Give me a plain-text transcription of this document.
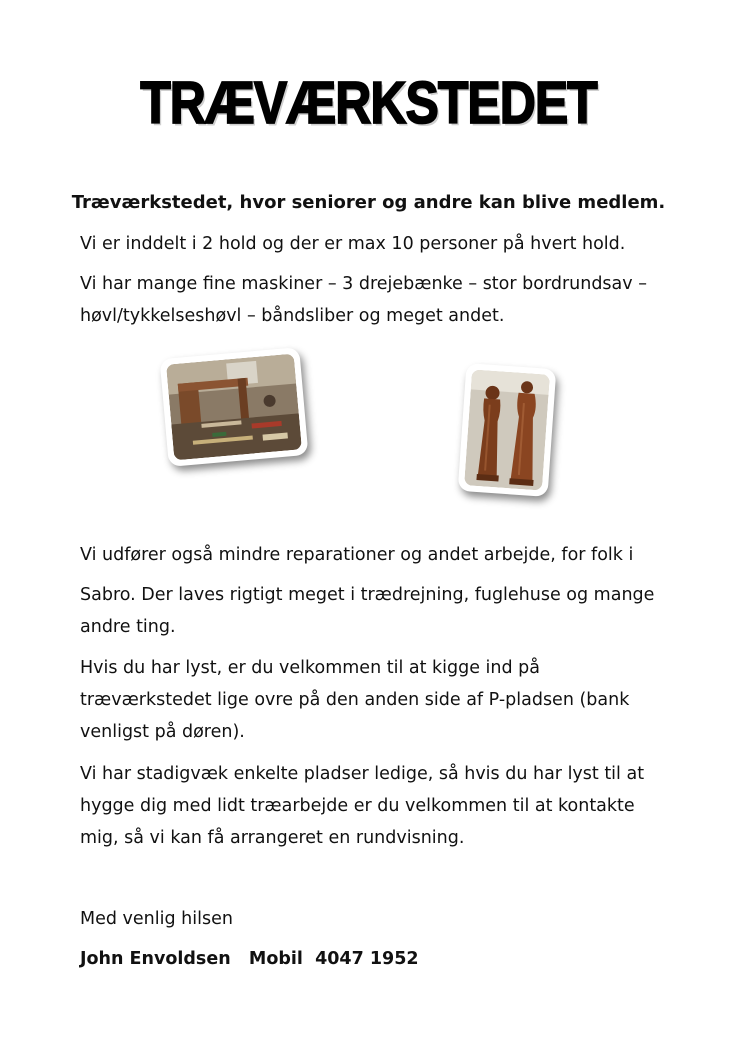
TRÆVÆRKSTEDET
Træværkstedet, hvor seniorer og andre kan blive medlem.

Vi er inddelt i 2 hold og der er max 10 personer på hvert hold.

Vi har mange fine maskiner – 3 drejebænke – stor bordrundsav – høvl/tykkelseshøvl – båndsliber og meget andet.

Vi udfører også mindre reparationer og andet arbejde, for folk i

Sabro. Der laves rigtigt meget i trædrejning, fuglehuse og mange andre ting.

Hvis du har lyst, er du velkommen til at kigge ind på træværkstedet lige ovre på den anden side af P-pladsen (bank venligst på døren).

Vi har stadigvæk enkelte pladser ledige, så hvis du har lyst til at hygge dig med lidt træarbejde er du velkommen til at kontakte mig, så vi kan få arrangeret en rundvisning.

Med venlig hilsen

John Envoldsen   Mobil  4047 1952
